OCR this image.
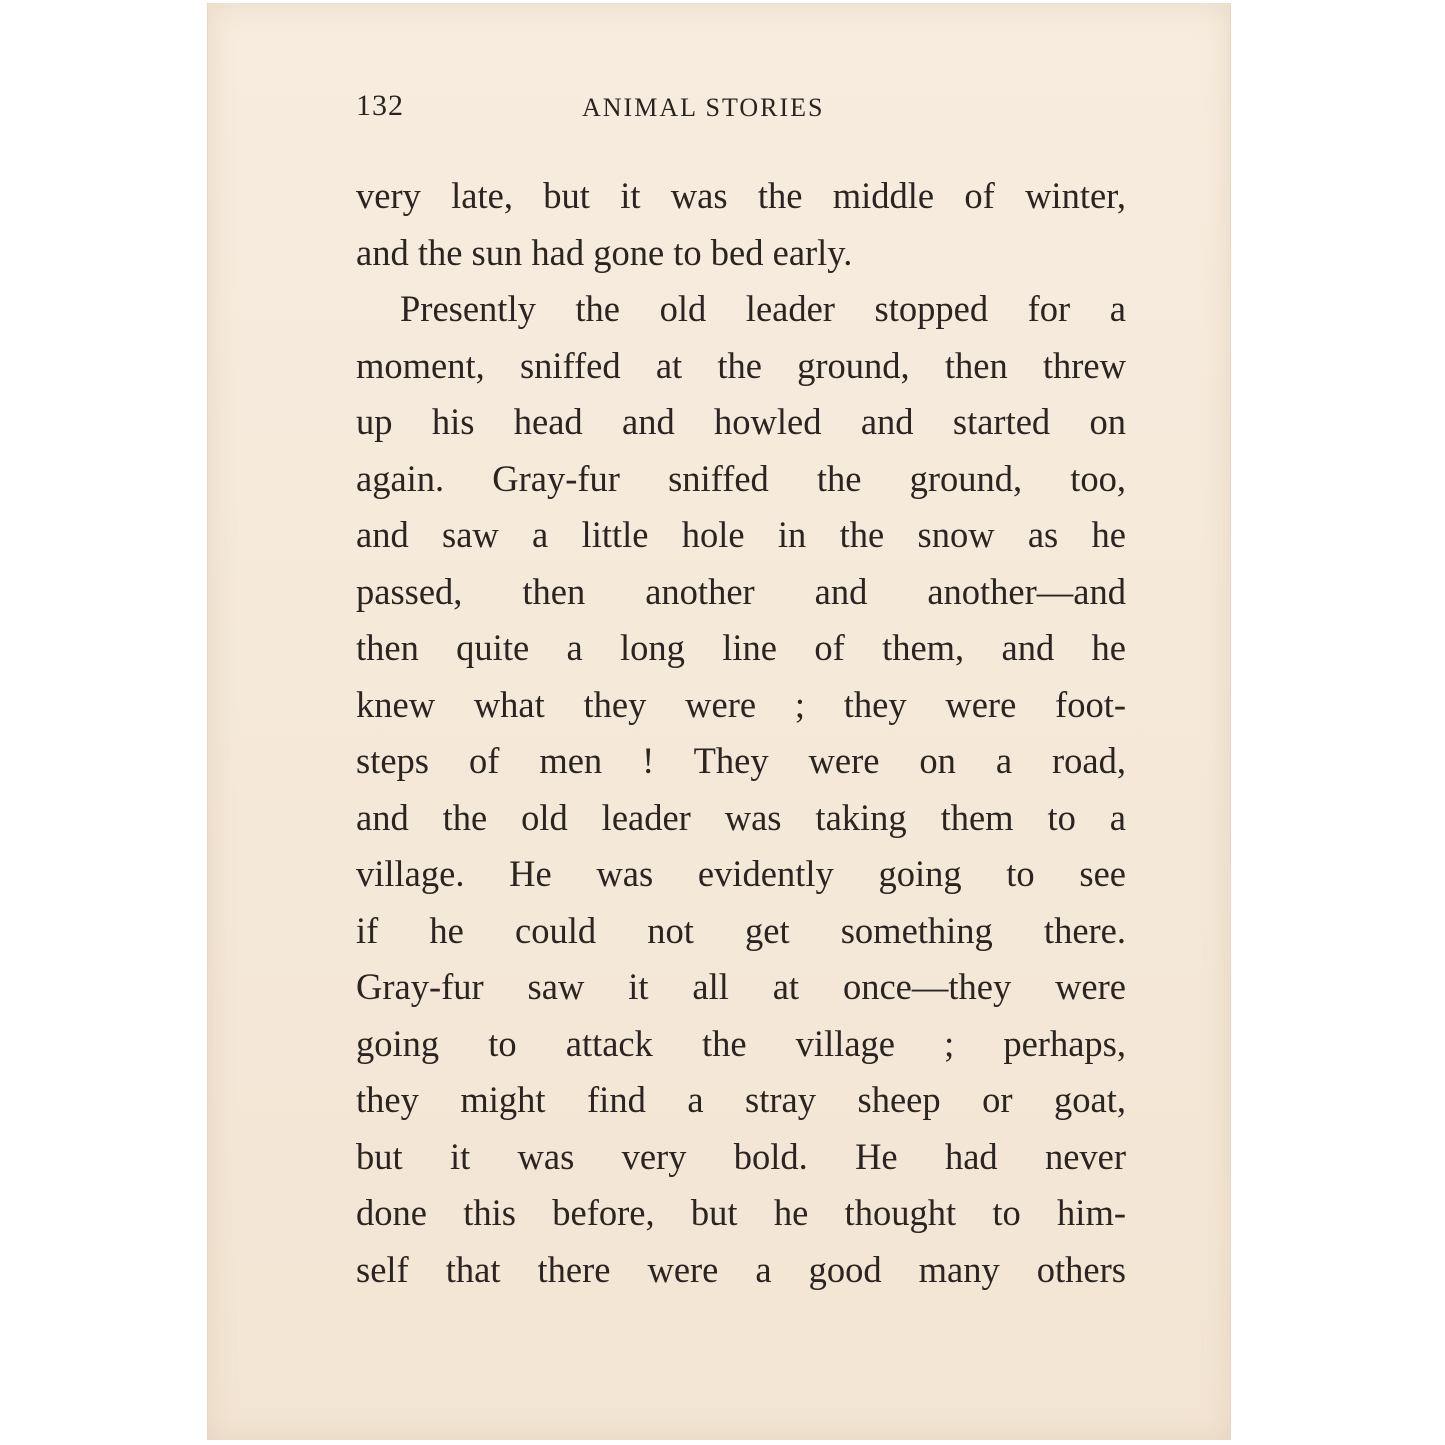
132	ANIMAL STORIES
very late, but it was the middle of winter,
and the sun had gone to bed early.
Presently the old leader stopped for a
moment, sniffed at the ground, then threw
up his head and howled and started on
again. Gray-fur sniffed the ground, too,
and saw a little hole in the snow as he
passed, then another and another—and
then quite a long line of them, and he
knew what they were ; they were foot-
steps of men ! They were on a road,
and the old leader was taking them to a
village. He was evidently going to see
if he could not get something there.
Gray-fur saw it all at once—they were
going to attack the village ; perhaps,
they might find a stray sheep or goat,
but it was very bold. He had never
done this before, but he thought to him-
self that there were a good many others
